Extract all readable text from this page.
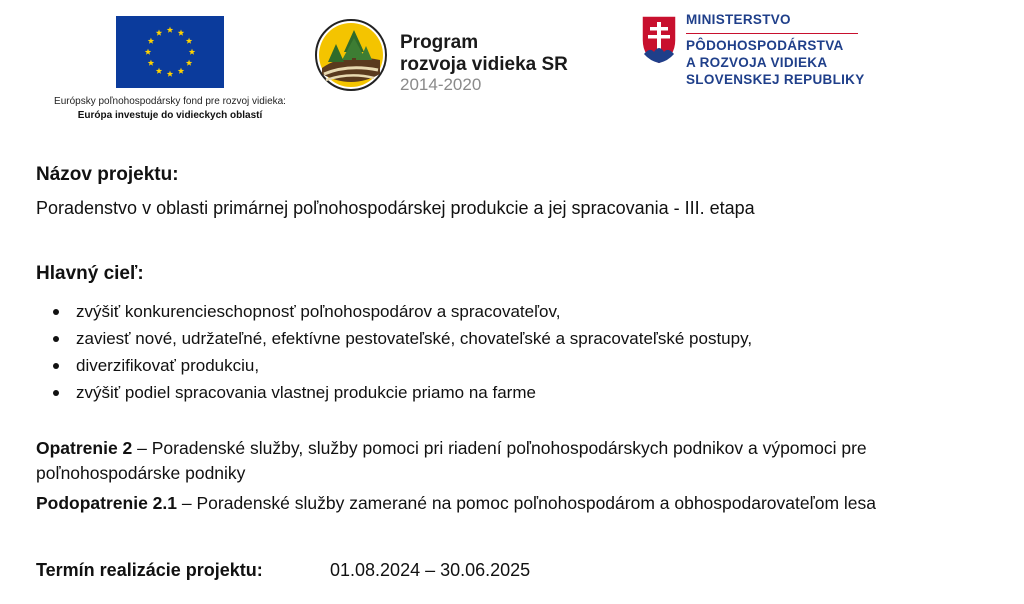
Európsky poľnohospodársky fond pre rozvoj vidieka:
Európa investuje do vidieckych oblastí
Program
rozvoja vidieka SR
2014-2020
MINISTERSTVO
PÔDOHOSPODÁRSTVA
A ROZVOJA VIDIEKA
SLOVENSKEJ REPUBLIKY
Názov projektu:
Poradenstvo v oblasti primárnej poľnohospodárskej produkcie a jej spracovania - III. etapa
Hlavný cieľ:
zvýšiť konkurencieschopnosť poľnohospodárov a spracovateľov,
zaviesť nové, udržateľné, efektívne pestovateľské, chovateľské a spracovateľské postupy,
diverzifikovať produkciu,
zvýšiť podiel spracovania vlastnej produkcie priamo na farme
Opatrenie 2 – Poradenské služby, služby pomoci pri riadení poľnohospodárskych podnikov a výpomoci pre poľnohospodárske podniky
Podopatrenie 2.1 – Poradenské služby zamerané na pomoc poľnohospodárom a obhospodarovateľom lesa
Termín realizácie projektu:	01.08.2024 – 30.06.2025
